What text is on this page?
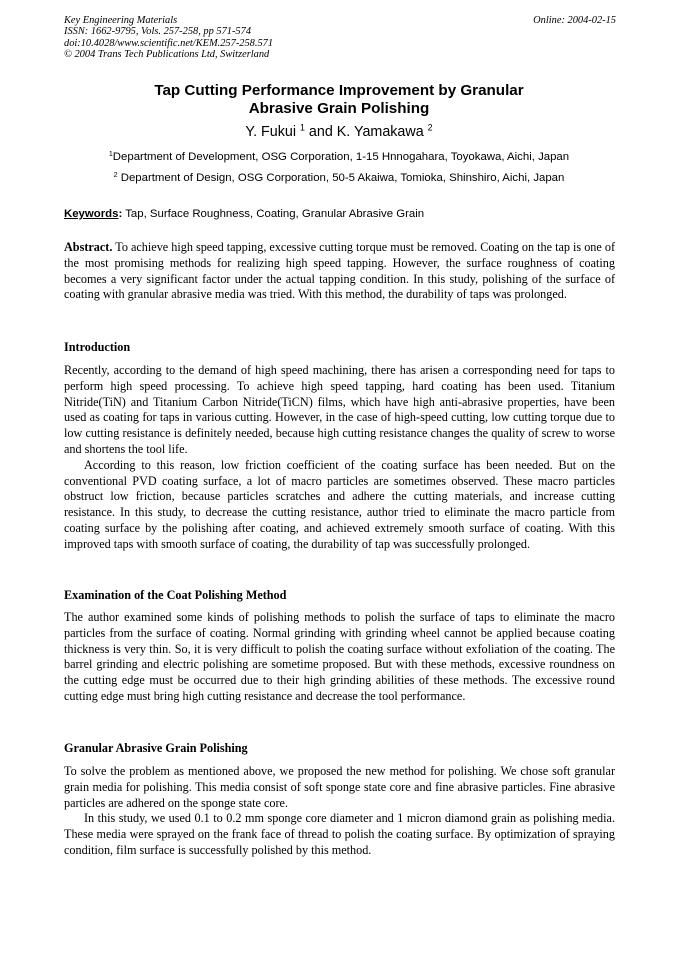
Key Engineering Materials
ISSN: 1662-9795, Vols. 257-258, pp 571-574
doi:10.4028/www.scientific.net/KEM.257-258.571
© 2004 Trans Tech Publications Ltd, Switzerland
Online: 2004-02-15
Tap Cutting Performance Improvement by Granular
Abrasive Grain Polishing
Y. Fukui $^1$ and K. Yamakawa $^2$
$^1$Department of Development, OSG Corporation, 1-15 Hnnogahara, Toyokawa, Aichi, Japan
$^2$ Department of Design, OSG Corporation, 50-5 Akaiwa, Tomioka, Shinshiro, Aichi, Japan
Keywords: Tap, Surface Roughness, Coating, Granular Abrasive Grain

Abstract. To achieve high speed tapping, excessive cutting torque must be removed. Coating on the tap is one of the most promising methods for realizing high speed tapping. However, the surface roughness of coating becomes a very significant factor under the actual tapping condition. In this study, polishing of the surface of coating with granular abrasive media was tried. With this method, the durability of taps was prolonged.

Introduction

Recently, according to the demand of high speed machining, there has arisen a corresponding need for taps to perform high speed processing. To achieve high speed tapping, hard coating has been used. Titanium Nitride(TiN) and Titanium Carbon Nitride(TiCN) films, which have high anti-abrasive properties, have been used as coating for taps in various cutting. However, in the case of high-speed cutting, low cutting torque due to low cutting resistance is definitely needed, because high cutting resistance changes the quality of screw to worse and shortens the tool life.

According to this reason, low friction coefficient of the coating surface has been needed. But on the conventional PVD coating surface, a lot of macro particles are sometimes observed. These macro particles obstruct low friction, because particles scratches and adhere the cutting materials, and increase cutting resistance. In this study, to decrease the cutting resistance, author tried to eliminate the macro particle from coating surface by the polishing after coating, and achieved extremely smooth surface of coating. With this improved taps with smooth surface of coating, the durability of tap was successfully prolonged.

Examination of the Coat Polishing Method

The author examined some kinds of polishing methods to polish the surface of taps to eliminate the macro particles from the surface of coating. Normal grinding with grinding wheel cannot be applied because coating thickness is very thin. So, it is very difficult to polish the coating surface without exfoliation of the coating. The barrel grinding and electric polishing are sometime proposed. But with these methods, excessive roundness on the cutting edge must be occurred due to their high grinding abilities of these methods. The excessive round cutting edge must bring high cutting resistance and decrease the tool performance.

Granular Abrasive Grain Polishing

To solve the problem as mentioned above, we proposed the new method for polishing. We chose soft granular grain media for polishing. This media consist of soft sponge state core and fine abrasive particles. Fine abrasive particles are adhered on the sponge state core.

In this study, we used 0.1 to 0.2 mm sponge core diameter and 1 micron diamond grain as polishing media. These media were sprayed on the frank face of thread to polish the coating surface. By optimization of spraying condition, film surface is successfully polished by this method.
